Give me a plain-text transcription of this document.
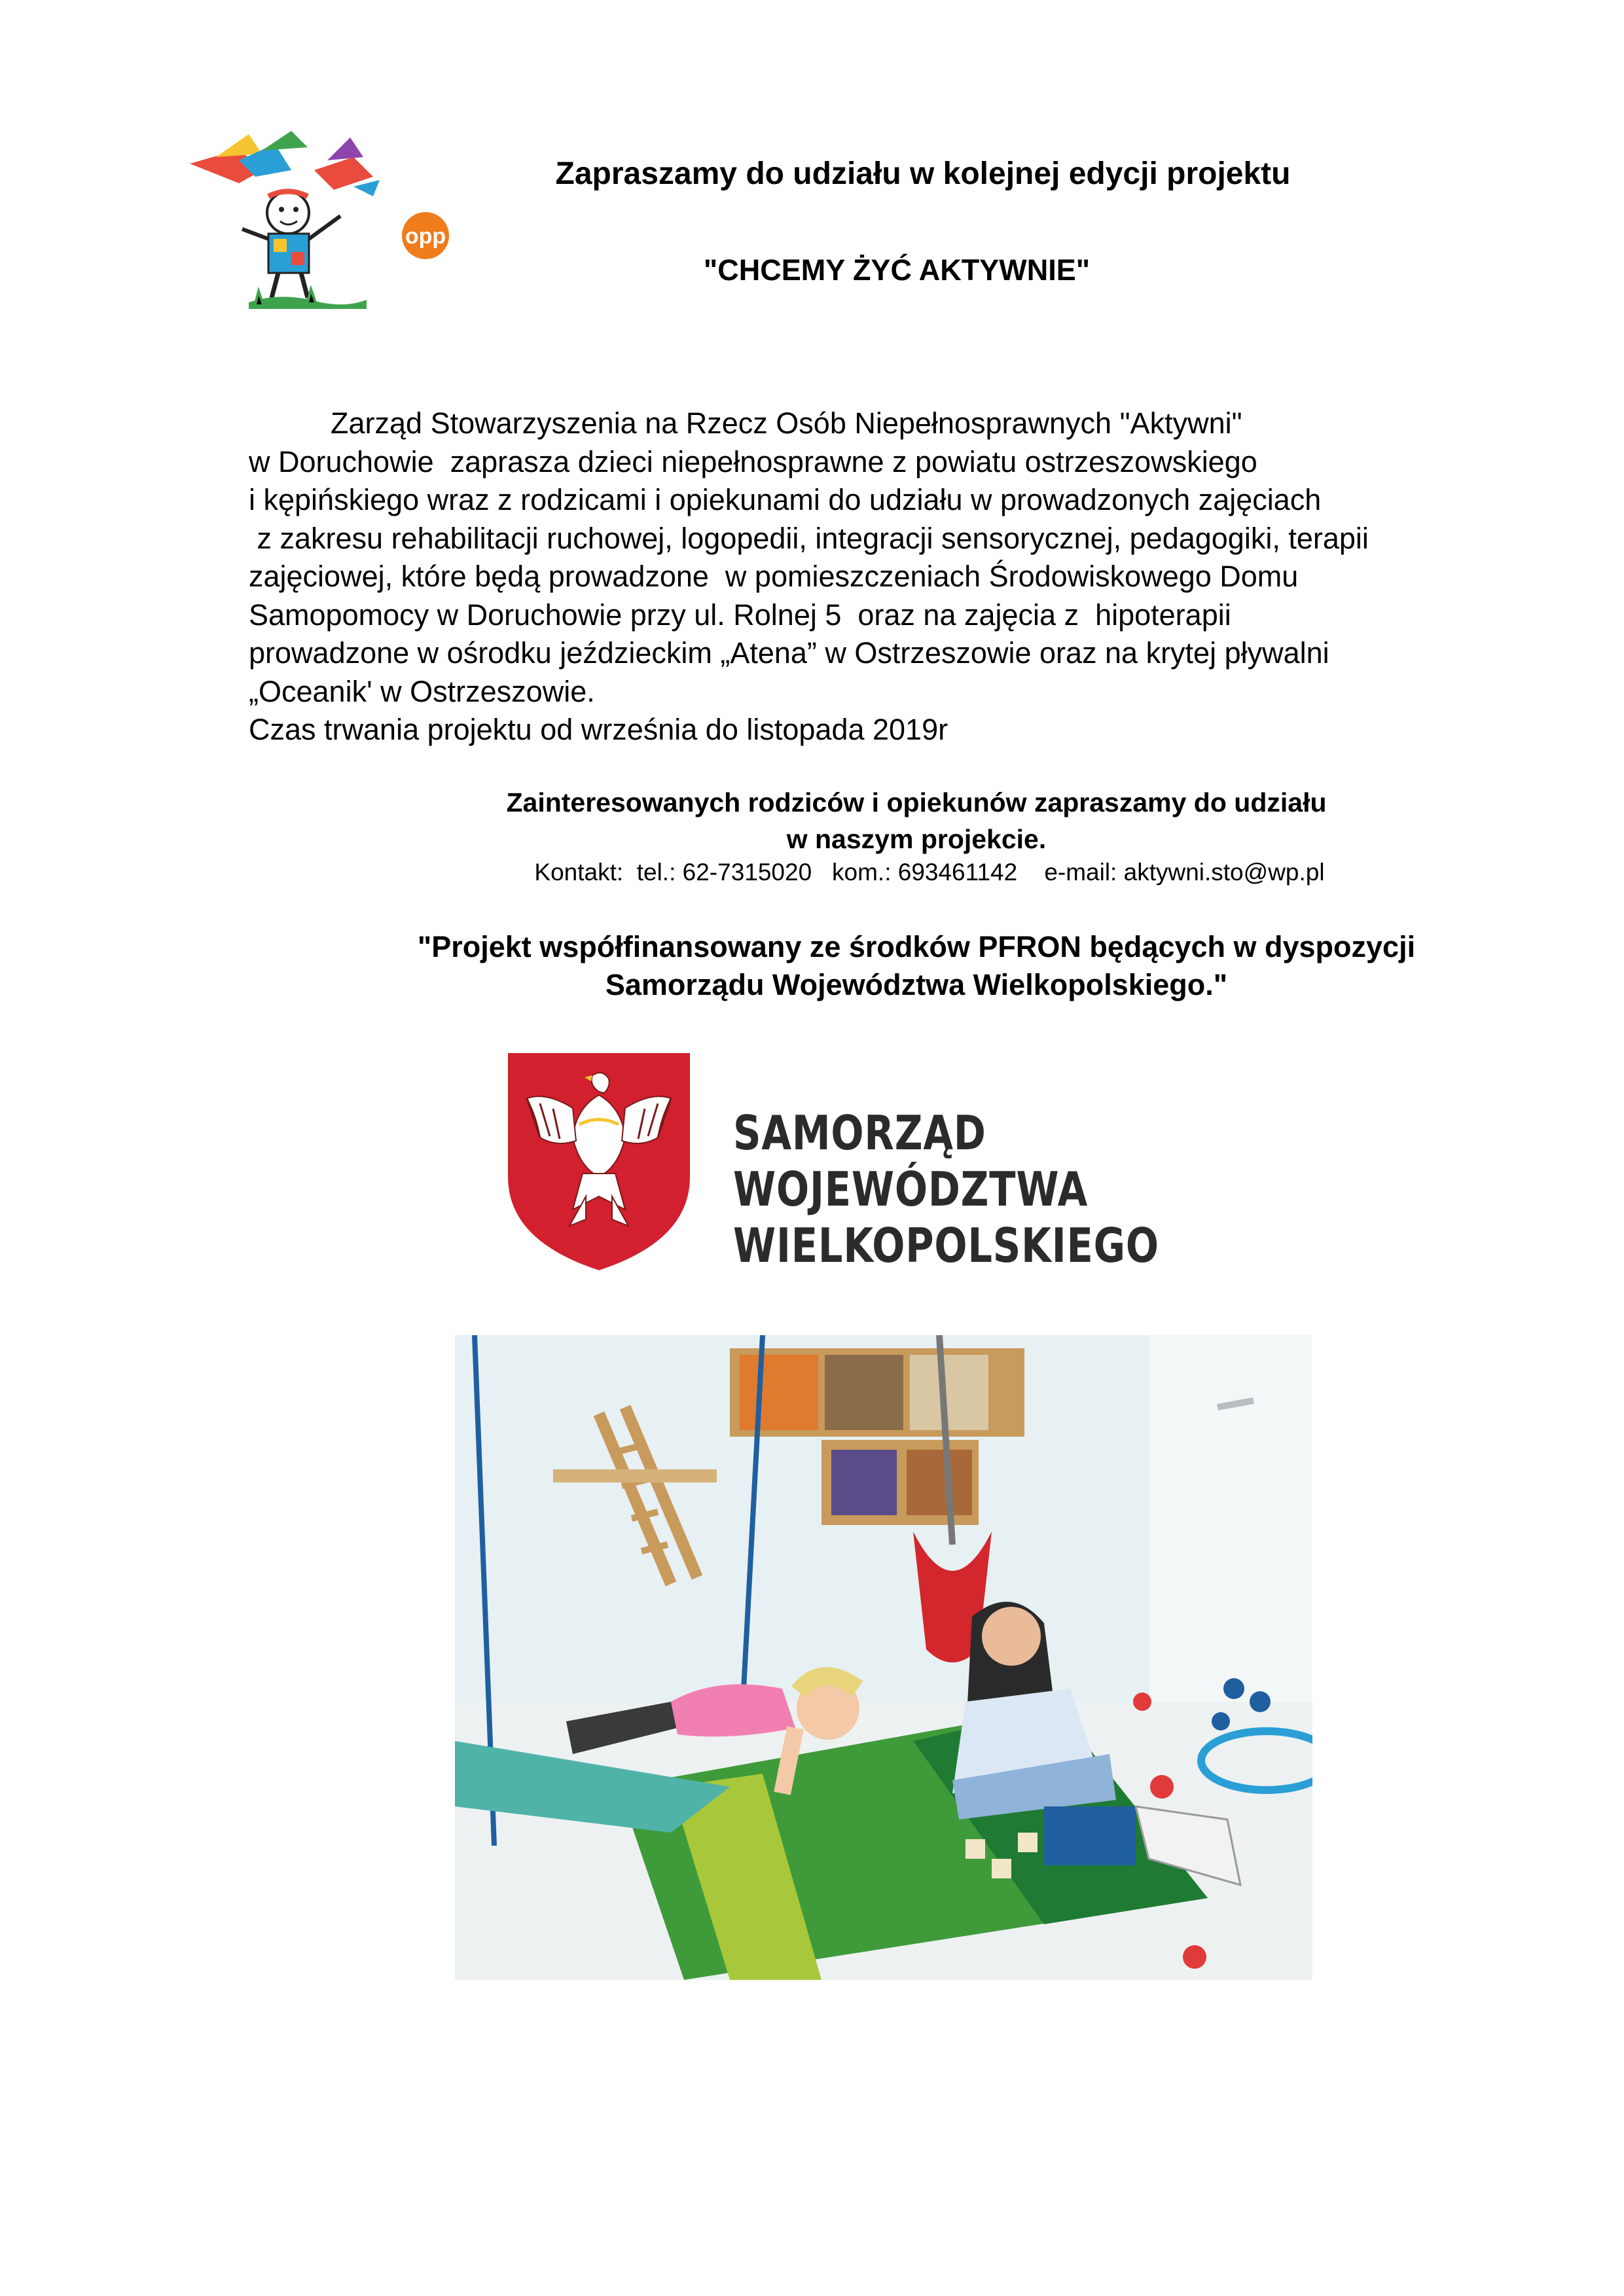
opp
Zapraszamy do udziału w kolejnej edycji projektu
"CHCEMY ŻYĆ AKTYWNIE"
Zarząd Stowarzyszenia na Rzecz Osób Niepełnosprawnych "Aktywni"
w Doruchowie  zaprasza dzieci niepełnosprawne z powiatu ostrzeszowskiego
i kępińskiego wraz z rodzicami i opiekunami do udziału w prowadzonych zajęciach
z zakresu rehabilitacji ruchowej, logopedii, integracji sensorycznej, pedagogiki, terapii
zajęciowej, które będą prowadzone  w pomieszczeniach Środowiskowego Domu
Samopomocy w Doruchowie przy ul. Rolnej 5  oraz na zajęcia z  hipoterapii
prowadzone w ośrodku jeździeckim „Atena” w Ostrzeszowie oraz na krytej pływalni
„Oceanik' w Ostrzeszowie.
Czas trwania projektu od września do listopada 2019r
Zainteresowanych rodziców i opiekunów zapraszamy do udziału
w naszym projekcie.
Kontakt:  tel.: 62-7315020   kom.: 693461142    e-mail: aktywni.sto@wp.pl
"Projekt współfinansowany ze środków PFRON będących w dyspozycji
Samorządu Województwa Wielkopolskiego."
SAMORZĄD WOJEWÓDZTWA
WIELKOPOLSKIEGO
